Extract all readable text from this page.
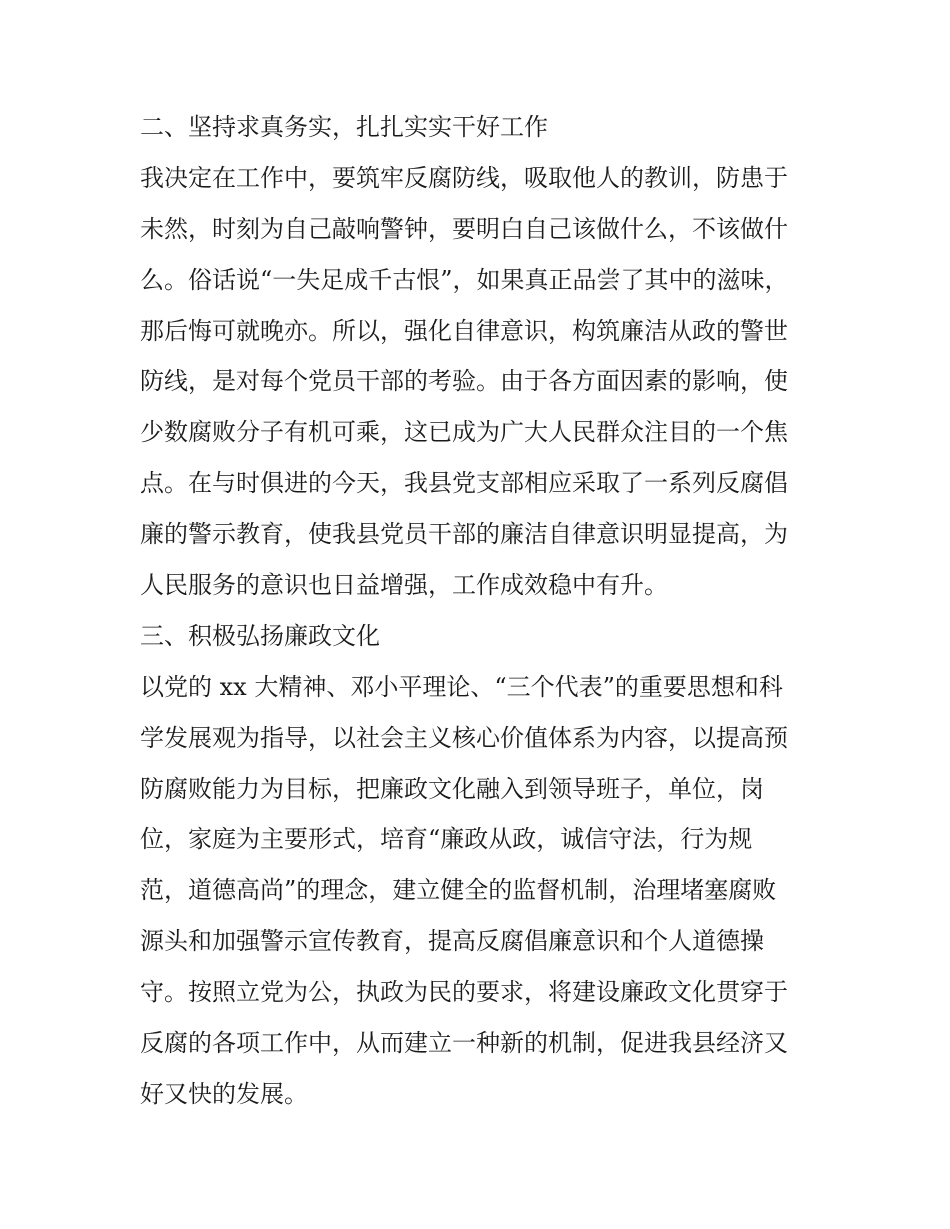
二、坚持求真务实，扎扎实实干好工作
我决定在工作中，要筑牢反腐防线，吸取他人的教训，防患于
未然，时刻为自己敲响警钟，要明白自己该做什么，不该做什
么。俗话说“一失足成千古恨”，如果真正品尝了其中的滋味，
那后悔可就晚亦。所以，强化自律意识，构筑廉洁从政的警世
防线，是对每个党员干部的考验。由于各方面因素的影响，使
少数腐败分子有机可乘，这已成为广大人民群众注目的一个焦
点。在与时俱进的今天，我县党支部相应采取了一系列反腐倡
廉的警示教育，使我县党员干部的廉洁自律意识明显提高，为
人民服务的意识也日益增强，工作成效稳中有升。
三、积极弘扬廉政文化
以党的 xx 大精神、邓小平理论、“三个代表”的重要思想和科
学发展观为指导，以社会主义核心价值体系为内容，以提高预
防腐败能力为目标，把廉政文化融入到领导班子，单位，岗
位，家庭为主要形式，培育“廉政从政，诚信守法，行为规
范，道德高尚”的理念，建立健全的监督机制，治理堵塞腐败
源头和加强警示宣传教育，提高反腐倡廉意识和个人道德操
守。按照立党为公，执政为民的要求，将建设廉政文化贯穿于
反腐的各项工作中，从而建立一种新的机制，促进我县经济又
好又快的发展。
